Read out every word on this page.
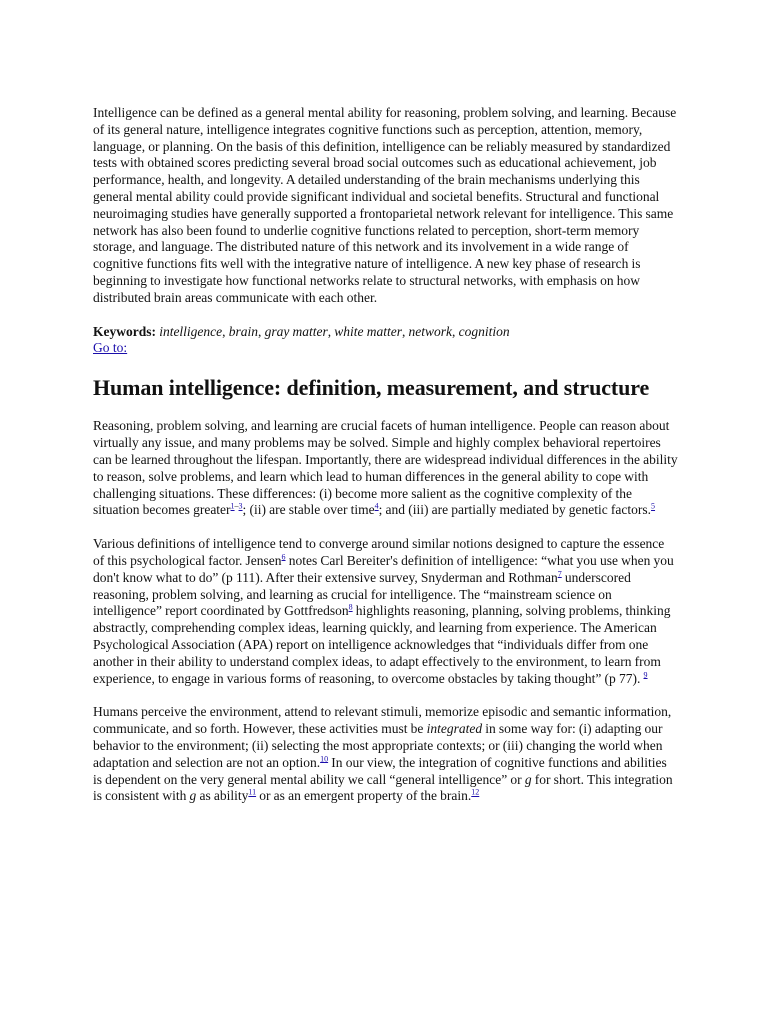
Intelligence can be defined as a general mental ability for reasoning, problem solving, and learning. Because of its general nature, intelligence integrates cognitive functions such as perception, attention, memory, language, or planning. On the basis of this definition, intelligence can be reliably measured by standardized tests with obtained scores predicting several broad social outcomes such as educational achievement, job performance, health, and longevity. A detailed understanding of the brain mechanisms underlying this general mental ability could provide significant individual and societal benefits. Structural and functional neuroimaging studies have generally supported a frontoparietal network relevant for intelligence. This same network has also been found to underlie cognitive functions related to perception, short-term memory storage, and language. The distributed nature of this network and its involvement in a wide range of cognitive functions fits well with the integrative nature of intelligence. A new key phase of research is beginning to investigate how functional networks relate to structural networks, with emphasis on how distributed brain areas communicate with each other.

Keywords: intelligence, brain, gray matter, white matter, network, cognition

Go to:
Human intelligence: definition, measurement, and structure

Reasoning, problem solving, and learning are crucial facets of human intelligence. People can reason about virtually any issue, and many problems may be solved. Simple and highly complex behavioral repertoires can be learned throughout the lifespan. Importantly, there are widespread individual differences in the ability to reason, solve problems, and learn which lead to human differences in the general ability to cope with challenging situations. These differences: (i) become more salient as the cognitive complexity of the situation becomes greater$^{1-3}$; (ii) are stable over time$^4$; and (iii) are partially mediated by genetic factors.$^5$

Various definitions of intelligence tend to converge around similar notions designed to capture the essence of this psychological factor. Jensen$^6$ notes Carl Bereiter's definition of intelligence: “what you use when you don't know what to do” (p 111). After their extensive survey, Snyderman and Rothman$^7$ underscored reasoning, problem solving, and learning as crucial for intelligence. The “mainstream science on intelligence” report coordinated by Gottfredson$^8$ highlights reasoning, planning, solving problems, thinking abstractly, comprehending complex ideas, learning quickly, and learning from experience. The American Psychological Association (APA) report on intelligence acknowledges that “individuals differ from one another in their ability to understand complex ideas, to adapt effectively to the environment, to learn from experience, to engage in various forms of reasoning, to overcome obstacles by taking thought” (p 77). $^9$

Humans perceive the environment, attend to relevant stimuli, memorize episodic and semantic information, communicate, and so forth. However, these activities must be integrated in some way for: (i) adapting our behavior to the environment; (ii) selecting the most appropriate contexts; or (iii) changing the world when adaptation and selection are not an option.$^{10}$ In our view, the integration of cognitive functions and abilities is dependent on the very general mental ability we call “general intelligence” or g for short. This integration is consistent with g as ability$^{11}$ or as an emergent property of the brain.$^{12}$
